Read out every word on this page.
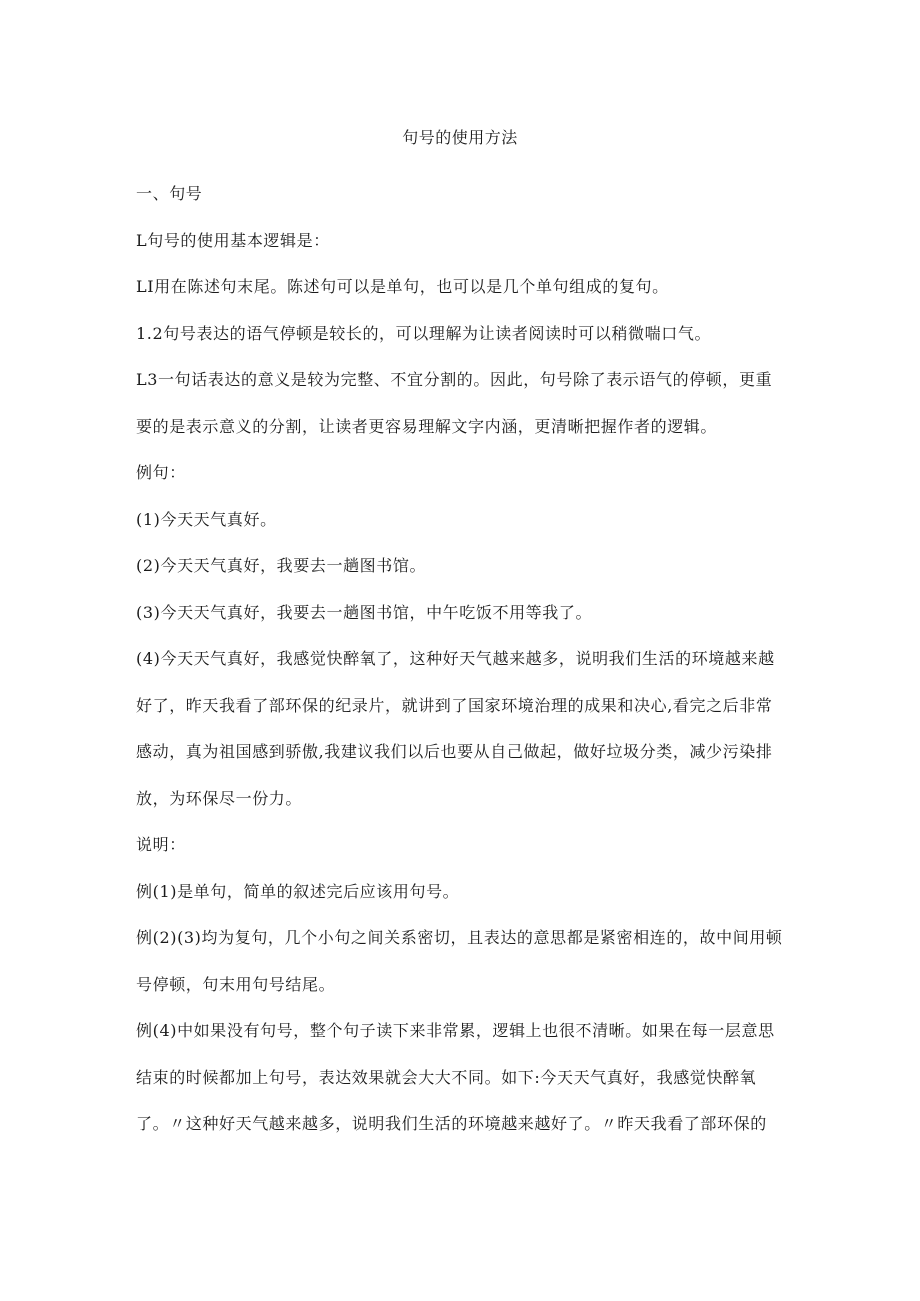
句号的使用方法

一、句号

L句号的使用基本逻辑是：

LI用在陈述句末尾。陈述句可以是单句，也可以是几个单句组成的复句。

1.2句号表达的语气停顿是较长的，可以理解为让读者阅读时可以稍微喘口气。

L3一句话表达的意义是较为完整、不宜分割的。因此，句号除了表示语气的停顿，更重要的是表示意义的分割，让读者更容易理解文字内涵，更清晰把握作者的逻辑。

例句：

(1)今天天气真好。

(2)今天天气真好，我要去一趟图书馆。

(3)今天天气真好，我要去一趟图书馆，中午吃饭不用等我了。

(4)今天天气真好，我感觉快醉氧了，这种好天气越来越多，说明我们生活的环境越来越好了，昨天我看了部环保的纪录片，就讲到了国家环境治理的成果和决心,看完之后非常感动，真为祖国感到骄傲,我建议我们以后也要从自己做起，做好垃圾分类，减少污染排放，为环保尽一份力。

说明：

例(1)是单句，简单的叙述完后应该用句号。

例(2)(3)均为复句，几个小句之间关系密切，且表达的意思都是紧密相连的，故中间用顿号停顿，句末用句号结尾。

例(4)中如果没有句号，整个句子读下来非常累，逻辑上也很不清晰。如果在每一层意思结束的时候都加上句号，表达效果就会大大不同。如下:今天天气真好，我感觉快醉氧了。〃这种好天气越来越多，说明我们生活的环境越来越好了。〃昨天我看了部环保的
